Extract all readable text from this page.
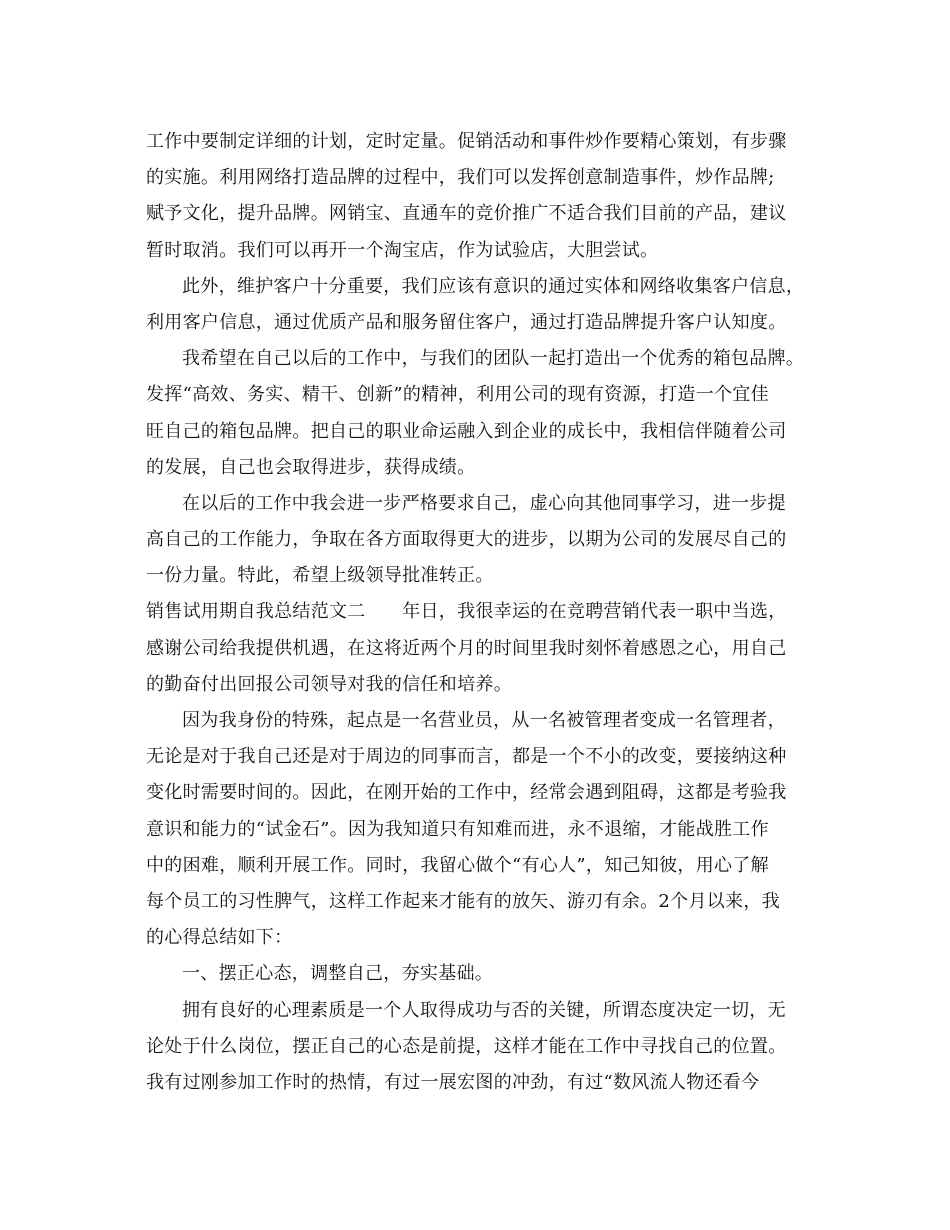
工作中要制定详细的计划，定时定量。促销活动和事件炒作要精心策划，有步骤
的实施。利用网络打造品牌的过程中，我们可以发挥创意制造事件，炒作品牌;
赋予文化，提升品牌。网销宝、直通车的竞价推广不适合我们目前的产品，建议
暂时取消。我们可以再开一个淘宝店，作为试验店，大胆尝试。
此外，维护客户十分重要，我们应该有意识的通过实体和网络收集客户信息，
利用客户信息，通过优质产品和服务留住客户，通过打造品牌提升客户认知度。
我希望在自己以后的工作中，与我们的团队一起打造出一个优秀的箱包品牌。
发挥“高效、务实、精干、创新”的精神，利用公司的现有资源，打造一个宜佳
旺自己的箱包品牌。把自己的职业命运融入到企业的成长中，我相信伴随着公司
的发展，自己也会取得进步，获得成绩。
在以后的工作中我会进一步严格要求自己，虚心向其他同事学习，进一步提
高自己的工作能力，争取在各方面取得更大的进步，以期为公司的发展尽自己的
一份力量。特此，希望上级领导批准转正。
销售试用期自我总结范文二　　年日，我很幸运的在竞聘营销代表一职中当选，
感谢公司给我提供机遇，在这将近两个月的时间里我时刻怀着感恩之心，用自己
的勤奋付出回报公司领导对我的信任和培养。
因为我身份的特殊，起点是一名营业员，从一名被管理者变成一名管理者，
无论是对于我自己还是对于周边的同事而言，都是一个不小的改变，要接纳这种
变化时需要时间的。因此，在刚开始的工作中，经常会遇到阻碍，这都是考验我
意识和能力的“试金石”。因为我知道只有知难而进，永不退缩，才能战胜工作
中的困难，顺利开展工作。同时，我留心做个“有心人”，知己知彼，用心了解
每个员工的习性脾气，这样工作起来才能有的放矢、游刃有余。2个月以来，我
的心得总结如下：
一、摆正心态，调整自己，夯实基础。
拥有良好的心理素质是一个人取得成功与否的关键，所谓态度决定一切，无
论处于什么岗位，摆正自己的心态是前提，这样才能在工作中寻找自己的位置。
我有过刚参加工作时的热情，有过一展宏图的冲劲，有过“数风流人物还看今
